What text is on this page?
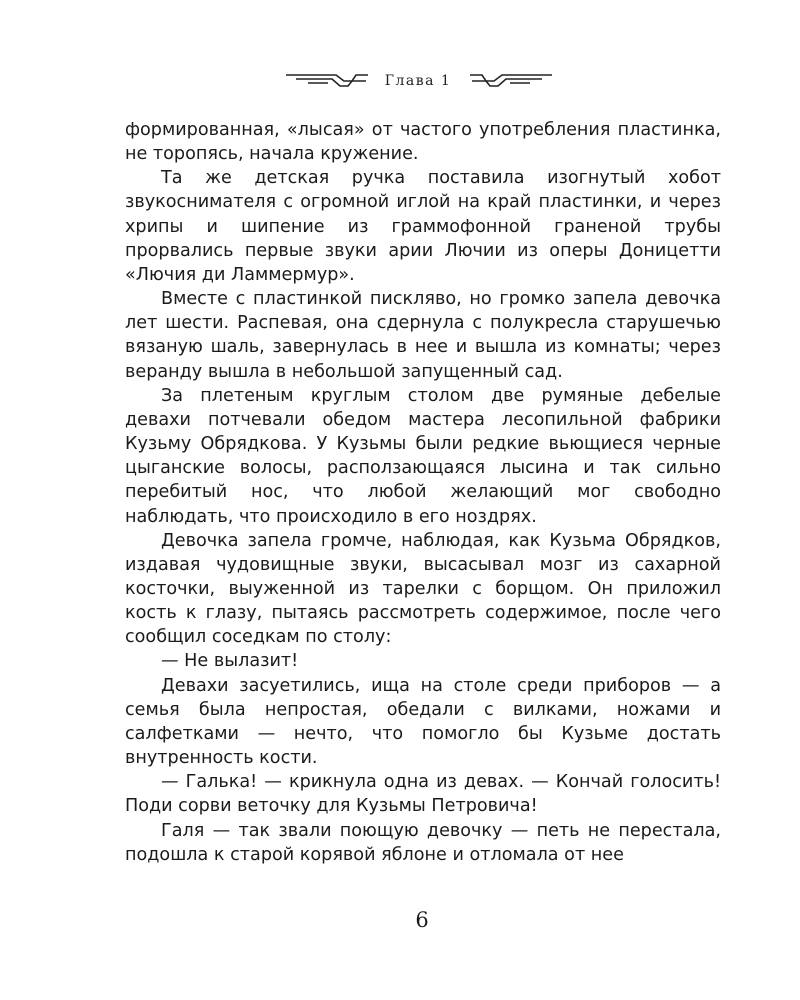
Глава 1

формированная, «лысая» от частого употребления пластинка, не торопясь, начала кружение.

Та же детская ручка поставила изогнутый хобот звукоснимателя с огромной иглой на край пластинки, и через хрипы и шипение из граммофонной граненой трубы прорвались первые звуки арии Лючии из оперы Доницетти «Лючия ди Ламмермур».

Вместе с пластинкой пискляво, но громко запела девочка лет шести. Распевая, она сдернула с полукресла старушечью вязаную шаль, завернулась в нее и вышла из комнаты; через веранду вышла в небольшой запущенный сад.

За плетеным круглым столом две румяные дебелые девахи потчевали обедом мастера лесопильной фабрики Кузьму Обрядкова. У Кузьмы были редкие вьющиеся черные цыганские волосы, расползающаяся лысина и так сильно перебитый нос, что любой желающий мог свободно наблюдать, что происходило в его ноздрях.

Девочка запела громче, наблюдая, как Кузьма Обрядков, издавая чудовищные звуки, высасывал мозг из сахарной косточки, выуженной из тарелки с борщом. Он приложил кость к глазу, пытаясь рассмотреть содержимое, после чего сообщил соседкам по столу:

— Не вылазит!

Девахи засуетились, ища на столе среди приборов — а семья была непростая, обедали с вилками, ножами и салфетками — нечто, что помогло бы Кузьме достать внутренность кости.

— Галька! — крикнула одна из девах. — Кончай голосить! Поди сорви веточку для Кузьмы Петровича!

Галя — так звали поющую девочку — петь не перестала, подошла к старой корявой яблоне и отломала от нее

6
